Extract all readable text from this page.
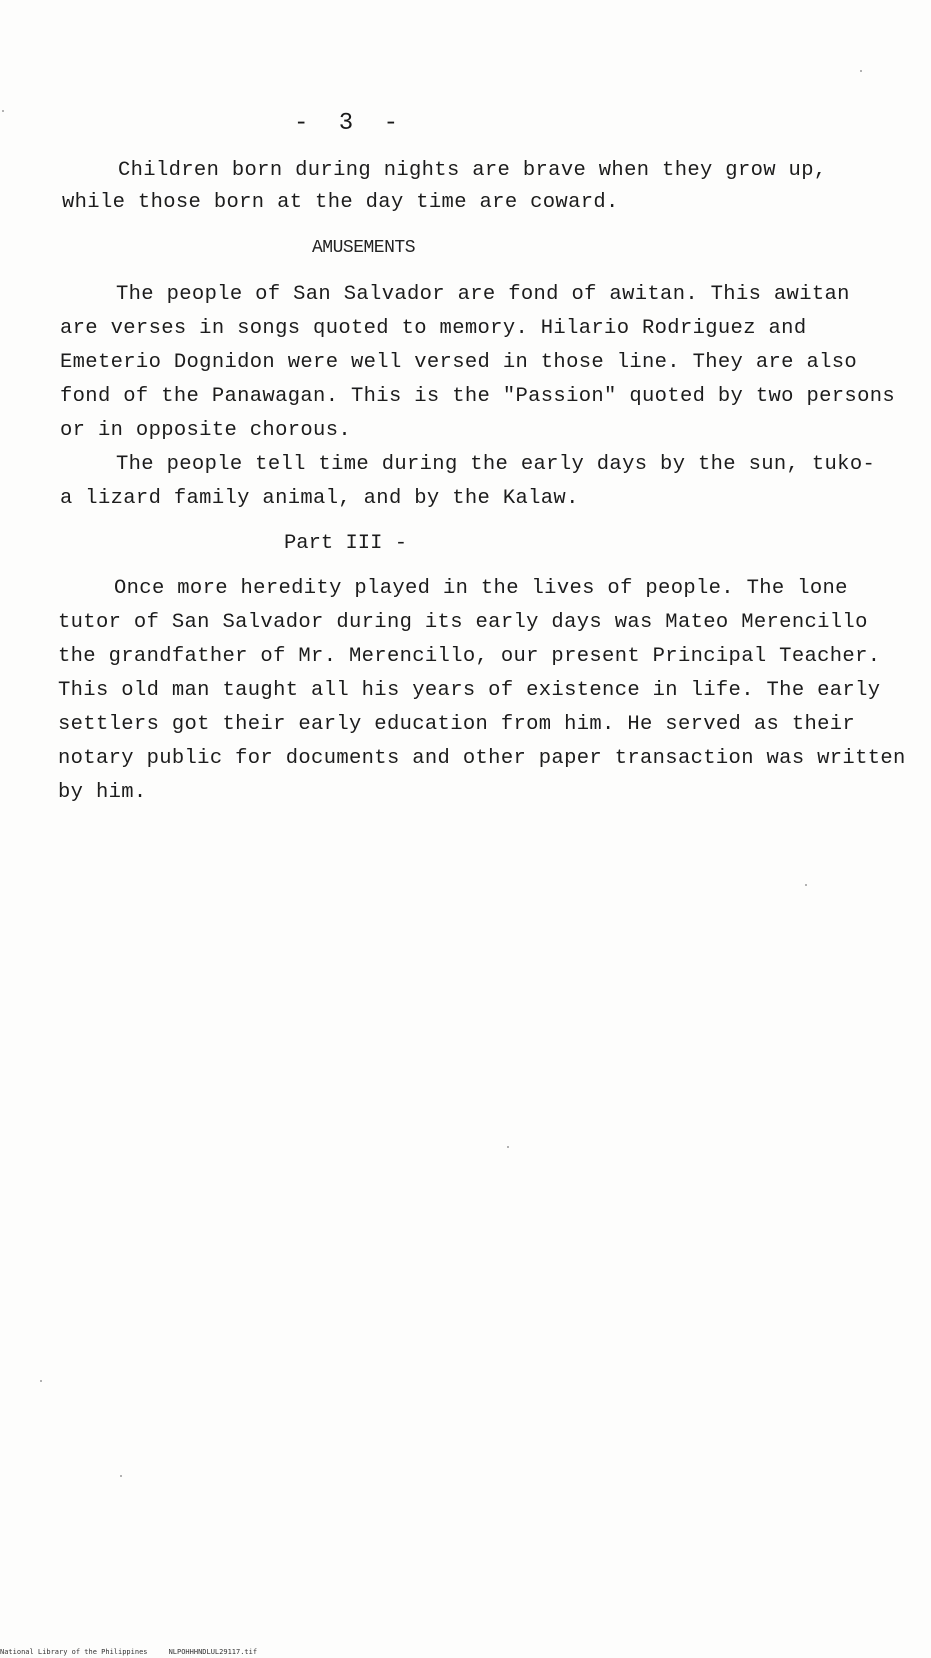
- 3 -
Children born during nights are brave when they grow up,
while those born at the day time are coward.
AMUSEMENTS
The people of San Salvador are fond of awitan. This awitan
are verses in songs quoted to memory. Hilario Rodriguez and
Emeterio Dognidon were well versed in those line. They are also
fond of the Panawagan. This is the "Passion" quoted by two persons
or in opposite chorous.
The people tell time during the early days by the sun, tuko-
a lizard family animal, and by the Kalaw.
Part III -
Once more heredity played in the lives of people. The lone
tutor of San Salvador during its early days was Mateo Merencillo
the grandfather of Mr. Merencillo, our present Principal Teacher.
This old man taught all his years of existence in life. The early
settlers got their early education from him. He served as their
notary public for documents and other paper transaction was written
by him.
National Library of the Philippines     NLPOHHHNDLUL29117.tif
